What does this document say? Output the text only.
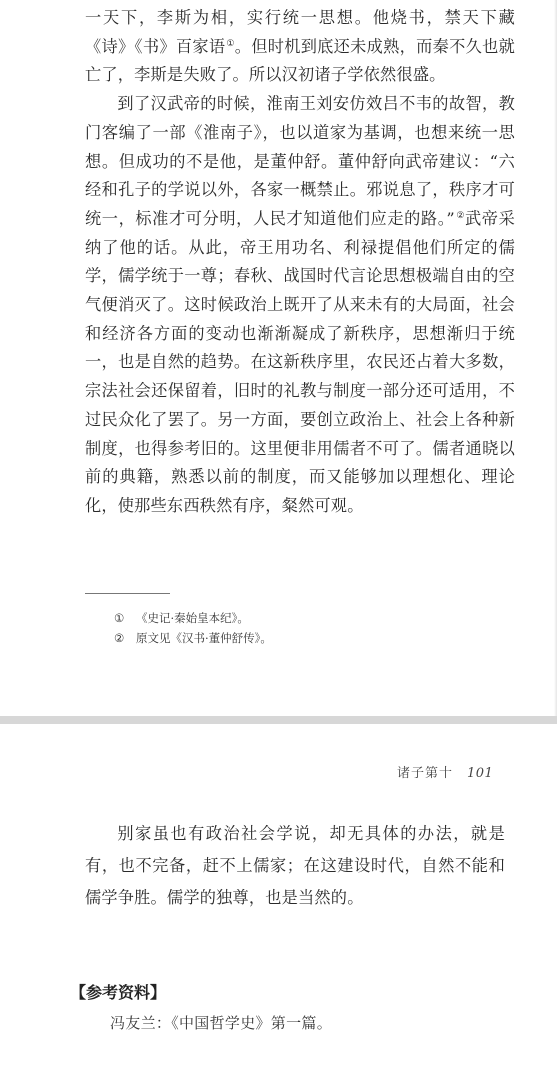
一天下，李斯为相，实行统一思想。他烧书，禁天下藏《诗》《书》百家语①。但时机到底还未成熟，而秦不久也就亡了，李斯是失败了。所以汉初诸子学依然很盛。

到了汉武帝的时候，淮南王刘安仿效吕不韦的故智，教门客编了一部《淮南子》，也以道家为基调，也想来统一思想。但成功的不是他，是董仲舒。董仲舒向武帝建议：“六经和孔子的学说以外，各家一概禁止。邪说息了，秩序才可统一，标准才可分明，人民才知道他们应走的路。”②武帝采纳了他的话。从此，帝王用功名、利禄提倡他们所定的儒学，儒学统于一尊；春秋、战国时代言论思想极端自由的空气便消灭了。这时候政治上既开了从来未有的大局面，社会和经济各方面的变动也渐渐凝成了新秩序，思想渐归于统一，也是自然的趋势。在这新秩序里，农民还占着大多数，宗法社会还保留着，旧时的礼教与制度一部分还可适用，不过民众化了罢了。另一方面，要创立政治上、社会上各种新制度，也得参考旧的。这里便非用儒者不可了。儒者通晓以前的典籍，熟悉以前的制度，而又能够加以理想化、理论化，使那些东西秩然有序，粲然可观。

① 《史记·秦始皇本纪》。
② 原文见《汉书·董仲舒传》。
诸子第十 101

别家虽也有政治社会学说，却无具体的办法，就是有，也不完备，赶不上儒家；在这建设时代，自然不能和儒学争胜。儒学的独尊，也是当然的。

【参考资料】
冯友兰：《中国哲学史》第一篇。
